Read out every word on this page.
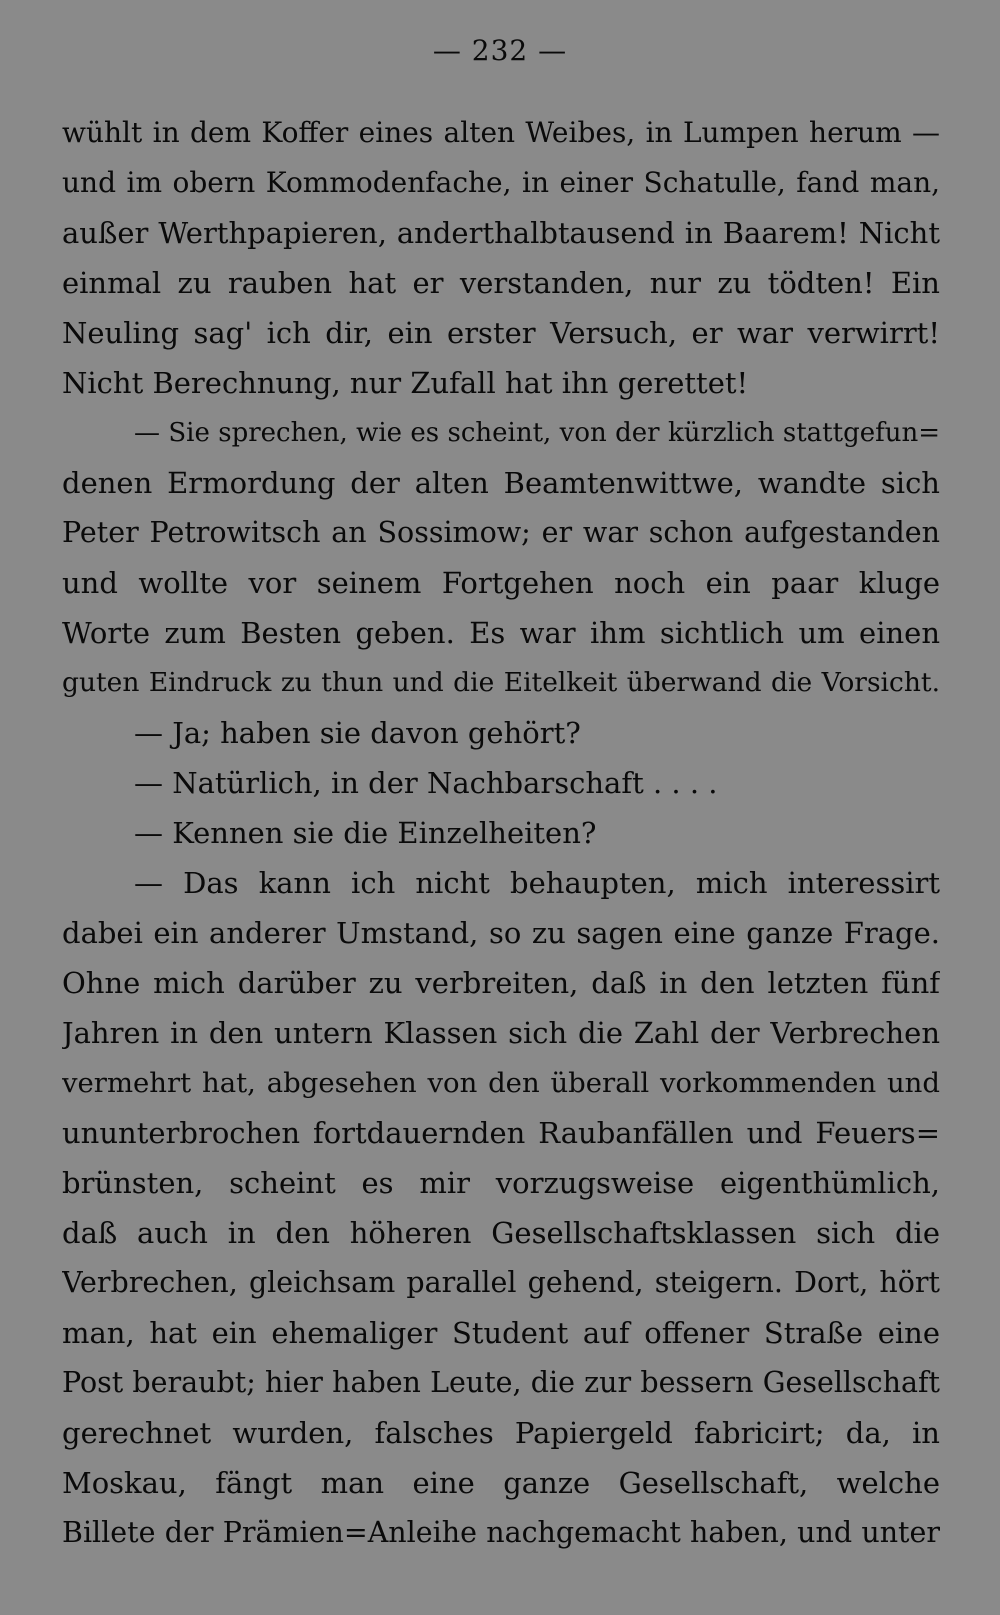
— 232 —
wühlt in dem Koffer eines alten Weibes, in Lumpen herum —
und im obern Kommodenfache, in einer Schatulle, fand man,
außer Werthpapieren, anderthalbtausend in Baarem! Nicht
einmal zu rauben hat er verstanden, nur zu tödten! Ein
Neuling sag' ich dir, ein erster Versuch, er war verwirrt!
Nicht Berechnung, nur Zufall hat ihn gerettet!
— Sie sprechen, wie es scheint, von der kürzlich stattgefun=
denen Ermordung der alten Beamtenwittwe, wandte sich
Peter Petrowitsch an Sossimow; er war schon aufgestanden
und wollte vor seinem Fortgehen noch ein paar kluge
Worte zum Besten geben. Es war ihm sichtlich um einen
guten Eindruck zu thun und die Eitelkeit überwand die Vorsicht.
— Ja; haben sie davon gehört?
— Natürlich, in der Nachbarschaft . . . .
— Kennen sie die Einzelheiten?
— Das kann ich nicht behaupten, mich interessirt
dabei ein anderer Umstand, so zu sagen eine ganze Frage.
Ohne mich darüber zu verbreiten, daß in den letzten fünf
Jahren in den untern Klassen sich die Zahl der Verbrechen
vermehrt hat, abgesehen von den überall vorkommenden und
ununterbrochen fortdauernden Raubanfällen und Feuers=
brünsten, scheint es mir vorzugsweise eigenthümlich,
daß auch in den höheren Gesellschaftsklassen sich die
Verbrechen, gleichsam parallel gehend, steigern. Dort, hört
man, hat ein ehemaliger Student auf offener Straße eine
Post beraubt; hier haben Leute, die zur bessern Gesellschaft
gerechnet wurden, falsches Papiergeld fabricirt; da, in
Moskau, fängt man eine ganze Gesellschaft, welche
Billete der Prämien=Anleihe nachgemacht haben, und unter
